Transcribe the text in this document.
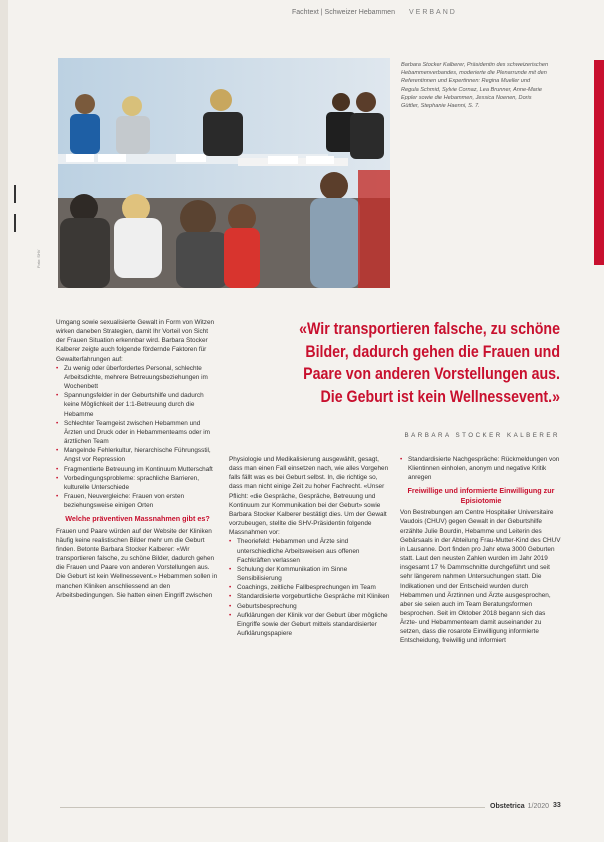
Fachtext | Schweizer Hebammen VERBAND
Foto: SHV
Barbara Stocker Kalberer, Präsidentin des schweizerischen Hebammenverbandes, moderierte die Plenarrunde mit den Referentinnen und Expertinnen: Regina Mueller und Regula Schmid, Sylvie Cornaz, Lea Brunner, Anne-Marie Eppler sowie die Hebammen, Jessica Noenen, Doris Güttler, Stephanie Haenni, S. 7.

Umgang sowie sexualisierte Gewalt in Form von Witzen wirken daneben Strategien, damit Ihr Vorteil von Sicht der Frauen Situation erkennbar wird. Barbara Stocker Kalberer zeigte auch folgende fördernde Faktoren für Gewalterfahrungen auf:

• Zu wenig oder überfordertes Personal, schlechte Arbeitsdichte, mehrere Betreuungsbeziehungen im Wochenbett
• Spannungsfelder in der Geburtshilfe und dadurch keine Möglichkeit der 1:1-Betreuung durch die Hebamme
• Schlechter Teamgeist zwischen Hebammen und Ärzten und Druck oder in Hebammenteams oder im ärztlichen Team
• Mangelnde Fehlerkultur, hierarchische Führungsstil, Angst vor Repression
• Fragmentierte Betreuung im Kontinuum Mutterschaft
• Vorbedingungsprobleme: sprachliche Barrieren, kulturelle Unterschiede
• Frauen, Neuvergleiche: Frauen von ersten beziehungsweise einigen Orten
Welche präventiven Massnahmen gibt es?

Frauen und Paare würden auf der Website der Kliniken häufig keine realistischen Bilder mehr um die Geburt finden. Betonte Barbara Stocker Kalberer: «Wir transportieren falsche, zu schöne Bilder, dadurch gehen die Frauen und Paare von anderen Vorstellungen aus. Die Geburt ist kein Wellnessevent.» Hebammen sollen in manchen Kliniken anschliessend an den Arbeitsbedingungen. Sie hatten einen Eingriff zwischen

«Wir transportieren falsche, zu schöne
Bilder, dadurch gehen die Frauen und
Paare von anderen Vorstellungen aus.
Die Geburt ist kein Wellnessevent.»
BARBARA STOCKER KALBERER

Physiologie und Medikalisierung ausgewählt, gesagt, dass man einen Fall einsetzen nach, wie alles Vorgehen falls fällt was es bei Geburt selbst. In, die richtige so, dass man nicht einige Zeit zu hoher Fachrecht. «Unser Pflicht: «die Gespräche, Gespräche, Betreuung und Kontinuum zur Kommunikation bei der Geburt» sowie Barbara Stocker Kalberer bestätigt dies. Um der Gewalt vorzubeugen, stellte die SHV-Präsidentin folgende Massnahmen vor:

• Theoriefeld: Hebammen und Ärzte sind unterschiedliche Arbeitsweisen aus offenen Fachkräften verlassen
• Schulung der Kommunikation im Sinne Sensibilisierung
• Coachings, zeitliche Fallbesprechungen im Team
• Standardisierte vorgeburtliche Gespräche mit Kliniken
• Geburtsbesprechung
• Aufklärungen der Klinik vor der Geburt über mögliche Eingriffe sowie der Geburt mittels standardisierter Aufklärungspapiere
• Standardisierte Nachgespräche: Rückmeldungen von Klientinnen einholen, anonym und negative Kritik anregen
Freiwillige und informierte Einwilligung zur Episiotomie

Von Bestrebungen am Centre Hospitalier Universitaire Vaudois (CHUV) gegen Gewalt in der Geburtshilfe erzählte Julie Bourdin, Hebamme und Leiterin des Gebärsaals in der Abteilung Frau-Mutter-Kind des CHUV in Lausanne. Dort finden pro Jahr etwa 3000 Geburten statt. Laut den neusten Zahlen wurden im Jahr 2019 insgesamt 17 % Dammschnitte durchgeführt und seit sehr längerem nahmen Untersuchungen statt. Die Indikationen und der Entscheid wurden durch Hebammen und Ärztinnen und Ärzte ausgesprochen, aber sie seien auch im Team Beratungsformen besprochen. Seit im Oktober 2018 begann sich das Ärzte- und Hebammenteam damit auseinander zu setzen, dass die rosarote Einwilligung informierte Entscheidung, freiwillig und informiert

Obstetrica 1/2020 33
